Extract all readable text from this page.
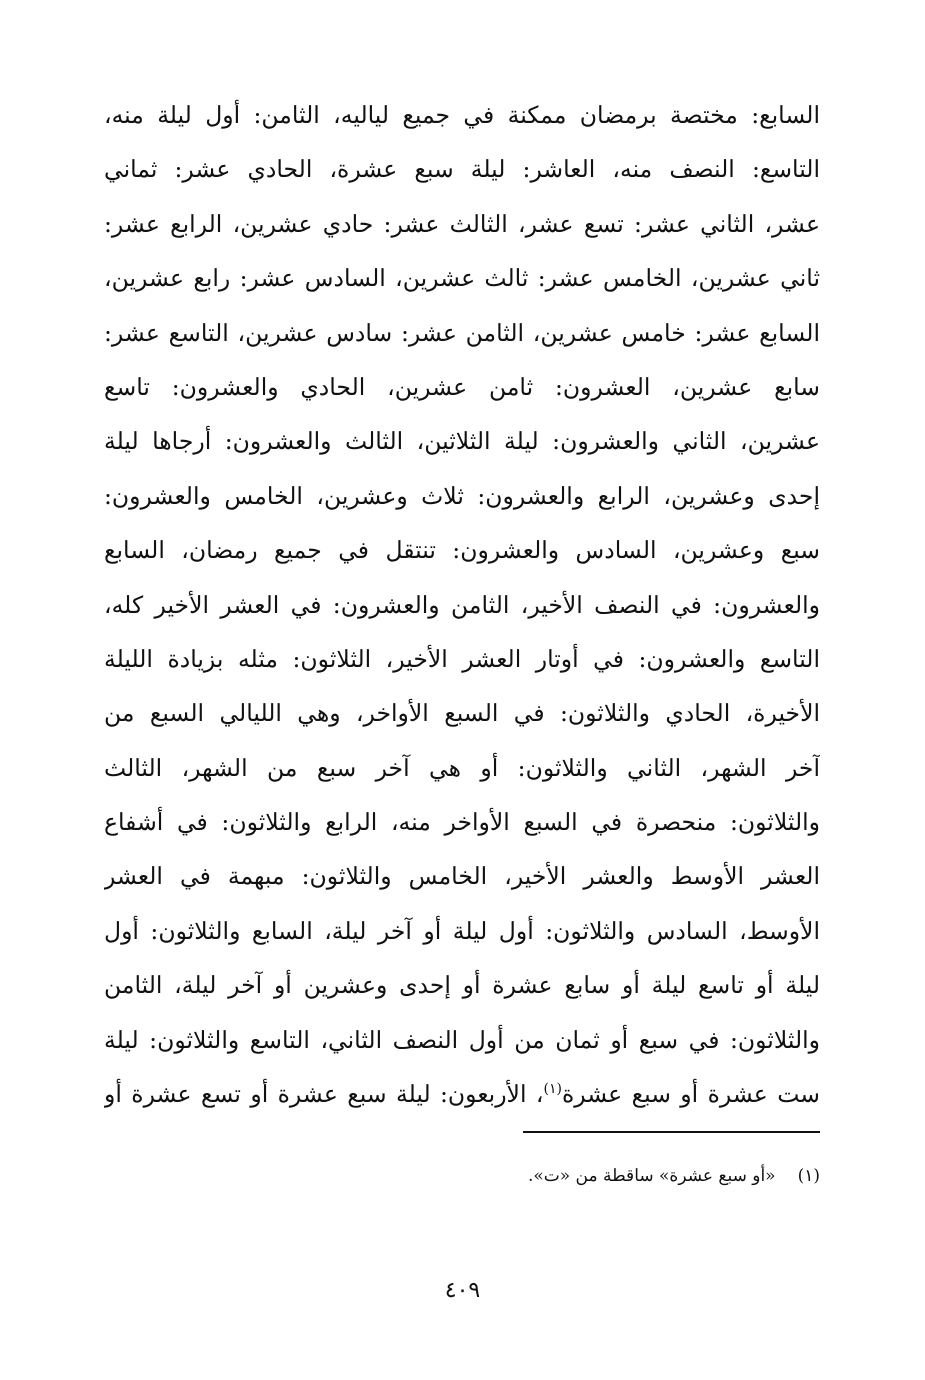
السابع: مختصة برمضان ممكنة في جميع لياليه، الثامن: أول ليلة منه،
التاسع: النصف منه، العاشر: ليلة سبع عشرة، الحادي عشر: ثماني
عشر، الثاني عشر: تسع عشر، الثالث عشر: حادي عشرين، الرابع عشر:
ثاني عشرين، الخامس عشر: ثالث عشرين، السادس عشر: رابع عشرين،
السابع عشر: خامس عشرين، الثامن عشر: سادس عشرين، التاسع عشر:
سابع عشرين، العشرون: ثامن عشرين، الحادي والعشرون: تاسع
عشرين، الثاني والعشرون: ليلة الثلاثين، الثالث والعشرون: أرجاها ليلة
إحدى وعشرين، الرابع والعشرون: ثلاث وعشرين، الخامس والعشرون:
سبع وعشرين، السادس والعشرون: تنتقل في جميع رمضان، السابع
والعشرون: في النصف الأخير، الثامن والعشرون: في العشر الأخير كله،
التاسع والعشرون: في أوتار العشر الأخير، الثلاثون: مثله بزيادة الليلة
الأخيرة، الحادي والثلاثون: في السبع الأواخر، وهي الليالي السبع من
آخر الشهر، الثاني والثلاثون: أو هي آخر سبع من الشهر، الثالث
والثلاثون: منحصرة في السبع الأواخر منه، الرابع والثلاثون: في أشفاع
العشر الأوسط والعشر الأخير، الخامس والثلاثون: مبهمة في العشر
الأوسط، السادس والثلاثون: أول ليلة أو آخر ليلة، السابع والثلاثون: أول
ليلة أو تاسع ليلة أو سابع عشرة أو إحدى وعشرين أو آخر ليلة، الثامن
والثلاثون: في سبع أو ثمان من أول النصف الثاني، التاسع والثلاثون: ليلة
ست عشرة أو سبع عشرة$^{(١)}$، الأربعون: ليلة سبع عشرة أو تسع عشرة أو
(١)«أو سبع عشرة» ساقطة من «ت».
٤٠٩
